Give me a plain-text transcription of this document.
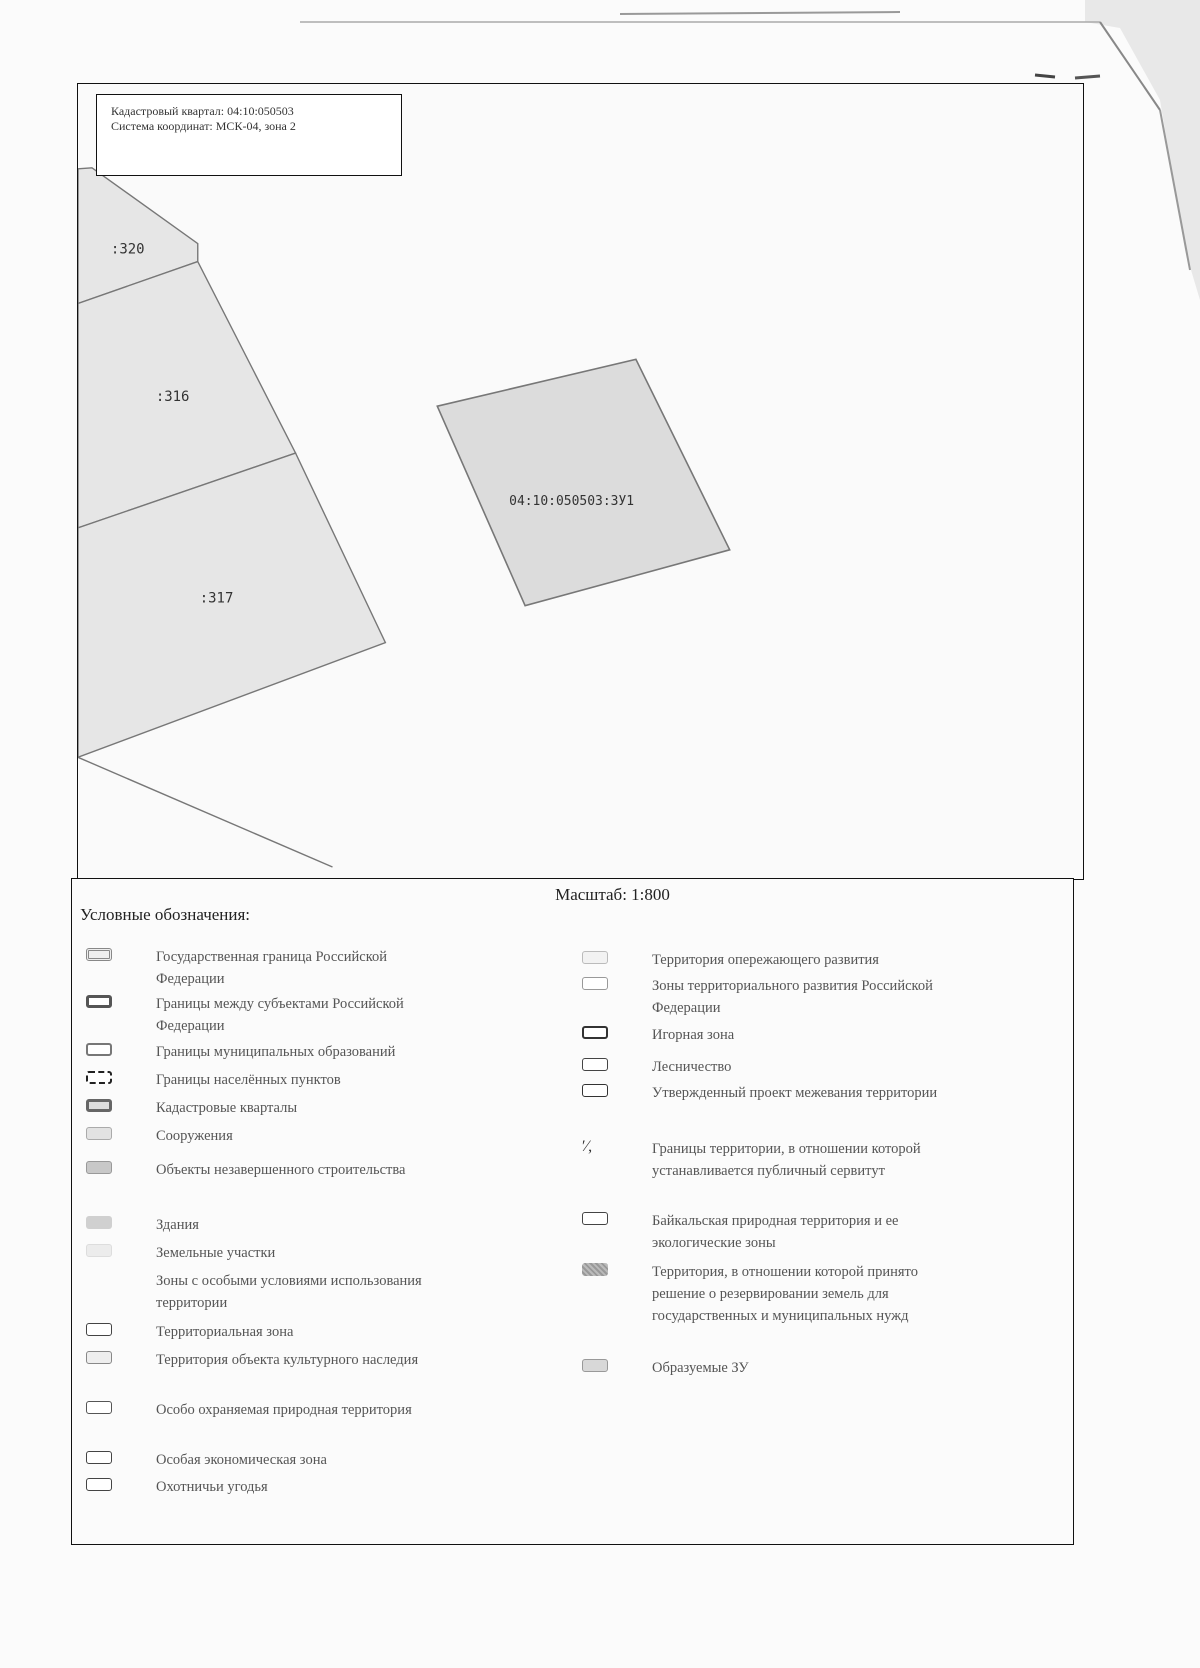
:320
:316
:317
04:10:050503:ЗУ1
Кадастровый квартал: 04:10:050503
Система координат: МСК-04, зона 2
Масштаб: 1:800
Условные обозначения:
Государственная граница Российской Федерации
Границы между субъектами Российской Федерации
Границы муниципальных образований
Границы населённых пунктов
Кадастровые кварталы
Сооружения
Объекты незавершенного строительства
Здания
Земельные участки
Зоны с особыми условиями использования территории
Территориальная зона
Территория объекта культурного наследия
Особо охраняемая природная территория
Особая экономическая зона
Охотничьи угодья
Территория опережающего развития
Зоны территориального развития Российской Федерации
Игорная зона
Лесничество
Утвержденный проект межевания территории
′⁄,	Границы территории, в отношении которой устанавливается публичный сервитут
Байкальская природная территория и ее экологические зоны
Территория, в отношении которой принято решение о резервировании земель для государственных и муниципальных нужд
Образуемые ЗУ
